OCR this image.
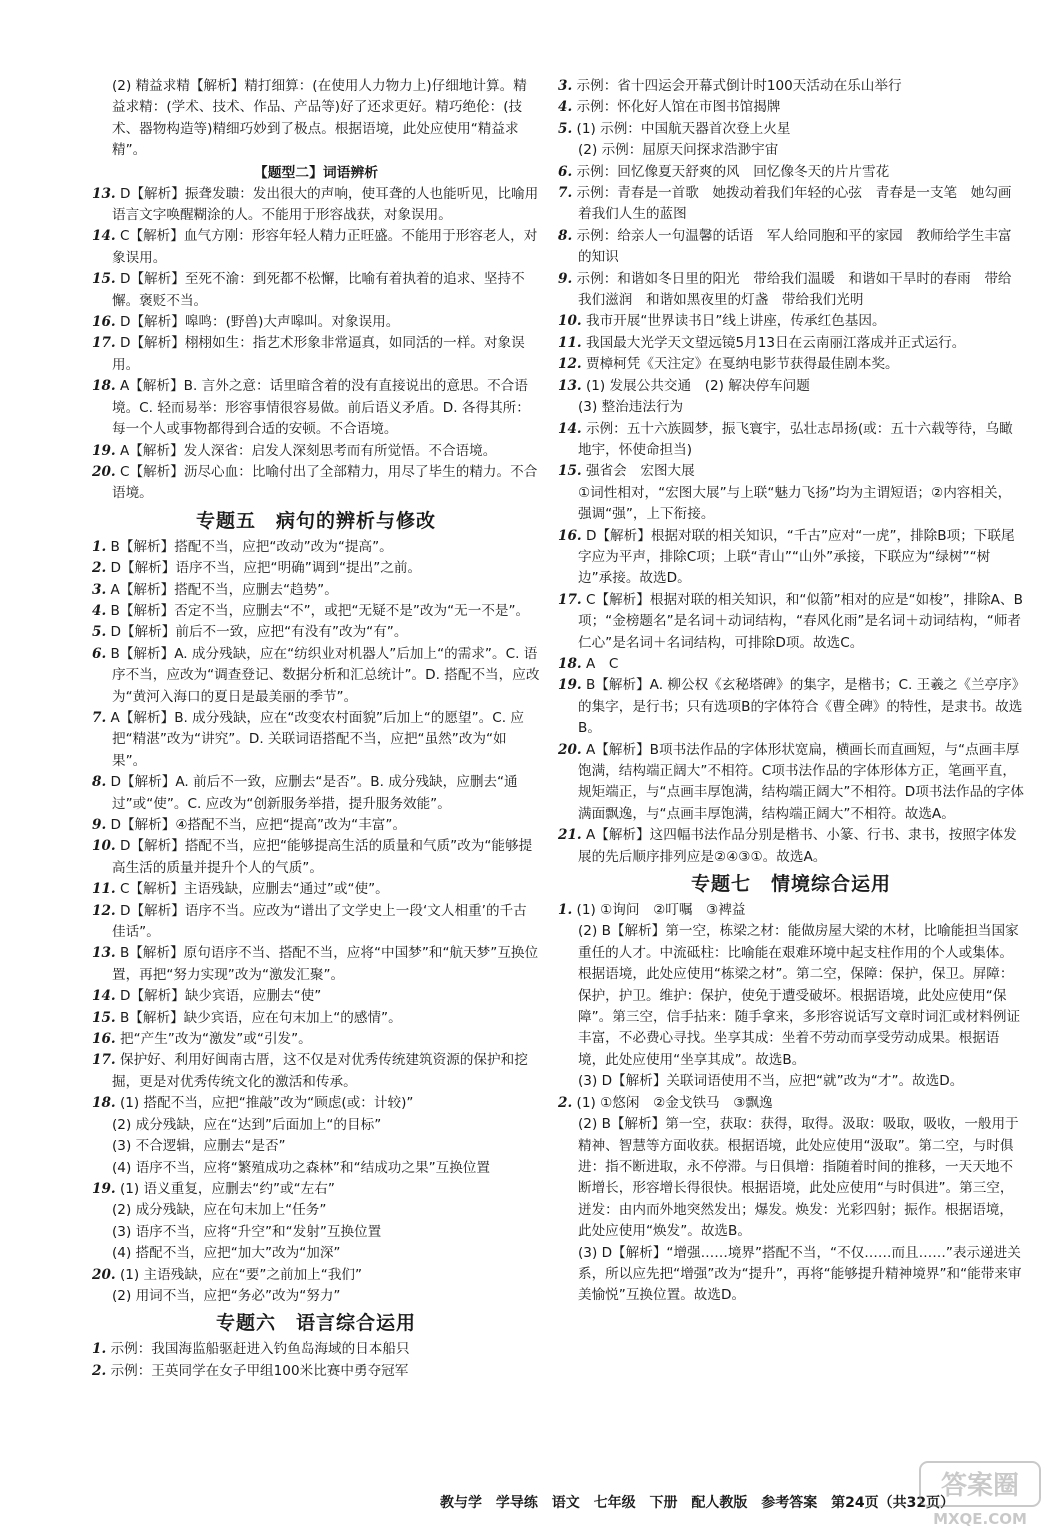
(2) 精益求精【解析】精打细算：(在使用人力物力上)仔细地计算。精益求精：(学术、技术、作品、产品等)好了还求更好。精巧绝伦：(技术、器物构造等)精细巧妙到了极点。根据语境，此处应使用“精益求精”。
【题型二】词语辨析
13. D【解析】振聋发聩：发出很大的声响，使耳聋的人也能听见，比喻用语言文字唤醒糊涂的人。不能用于形容战获，对象误用。
14. C【解析】血气方刚：形容年轻人精力正旺盛。不能用于形容老人，对象误用。
15. D【解析】至死不渝：到死都不松懈，比喻有着执着的追求、坚持不懈。褒贬不当。
16. D【解析】嗥鸣：(野兽)大声嗥叫。对象误用。
17. D【解析】栩栩如生：指艺术形象非常逼真，如同活的一样。对象误用。
18. A【解析】B. 言外之意：话里暗含着的没有直接说出的意思。不合语境。C. 轻而易举：形容事情很容易做。前后语义矛盾。D. 各得其所：每一个人或事物都得到合适的安顿。不合语境。
19. A【解析】发人深省：启发人深刻思考而有所觉悟。不合语境。
20. C【解析】沥尽心血：比喻付出了全部精力，用尽了毕生的精力。不合语境。
专题五　病句的辨析与修改
1. B【解析】搭配不当，应把“改动”改为“提高”。
2. D【解析】语序不当，应把“明确”调到“提出”之前。
3. A【解析】搭配不当，应删去“趋势”。
4. B【解析】否定不当，应删去“不”，或把“无疑不是”改为“无一不是”。
5. D【解析】前后不一致，应把“有没有”改为“有”。
6. B【解析】A. 成分残缺，应在“纺织业对机器人”后加上“的需求”。C. 语序不当，应改为“调查登记、数据分析和汇总统计”。D. 搭配不当，应改为“黄河入海口的夏日是最美丽的季节”。
7. A【解析】B. 成分残缺，应在“改变农村面貌”后加上“的愿望”。C. 应把“精湛”改为“讲究”。D. 关联词语搭配不当，应把“虽然”改为“如果”。
8. D【解析】A. 前后不一致，应删去“是否”。B. 成分残缺，应删去“通过”或“使”。C. 应改为“创新服务举措，提升服务效能”。
9. D【解析】④搭配不当，应把“提高”改为“丰富”。
10. D【解析】搭配不当，应把“能够提高生活的质量和气质”改为“能够提高生活的质量并提升个人的气质”。
11. C【解析】主语残缺，应删去“通过”或“使”。
12. D【解析】语序不当。应改为“谱出了文学史上一段‘文人相重’的千古佳话”。
13. B【解析】原句语序不当、搭配不当，应将“中国梦”和“航天梦”互换位置，再把“努力实现”改为“激发汇聚”。
14. D【解析】缺少宾语，应删去“使”
15. B【解析】缺少宾语，应在句末加上“的感情”。
16. 把“产生”改为“激发”或“引发”。
17. 保护好、利用好闽南古厝，这不仅是对优秀传统建筑资源的保护和挖掘，更是对优秀传统文化的激活和传承。
18. (1) 搭配不当，应把“推敲”改为“顾虑(或：计较)”
(2) 成分残缺，应在“达到”后面加上“的目标”
(3) 不合逻辑，应删去“是否”
(4) 语序不当，应将“繁殖成功之森林”和“结成功之果”互换位置
19. (1) 语义重复，应删去“约”或“左右”
(2) 成分残缺，应在句末加上“任务”
(3) 语序不当，应将“升空”和“发射”互换位置
(4) 搭配不当，应把“加大”改为“加深”
20. (1) 主语残缺，应在“要”之前加上“我们”
(2) 用词不当，应把“务必”改为“努力”
专题六　语言综合运用
1. 示例：我国海监船驱赶进入钓鱼岛海域的日本船只
2. 示例：王英同学在女子甲组100米比赛中勇夺冠军
3. 示例：省十四运会开幕式倒计时100天活动在乐山举行
4. 示例：怀化好人馆在市图书馆揭牌
5. (1) 示例：中国航天器首次登上火星
(2) 示例：屈原天问探求浩渺宇宙
6. 示例：回忆像夏天舒爽的风　回忆像冬天的片片雪花
7. 示例：青春是一首歌　她拨动着我们年轻的心弦　青春是一支笔　她勾画着我们人生的蓝图
8. 示例：给亲人一句温馨的话语　军人给同胞和平的家园　教师给学生丰富的知识
9. 示例：和谐如冬日里的阳光　带给我们温暖　和谐如干旱时的春雨　带给我们滋润　和谐如黑夜里的灯盏　带给我们光明
10. 我市开展“世界读书日”线上讲座，传承红色基因。
11. 我国最大光学天文望远镜5月13日在云南丽江落成并正式运行。
12. 贾樟柯凭《天注定》在戛纳电影节获得最佳剧本奖。
13. (1) 发展公共交通　(2) 解决停车问题
(3) 整治违法行为
14. 示例：五十六族圆梦，振飞寰宇，弘壮志昂扬(或：五十六载等待，乌瞰地宇，怀使命担当)
15. 强省会　宏图大展
①词性相对，“宏图大展”与上联“魅力飞扬”均为主谓短语；②内容相关，强调“强”，上下衔接。
16. D【解析】根据对联的相关知识，“千古”应对“一虎”，排除B项；下联尾字应为平声，排除C项；上联“青山”“山外”承接，下联应为“绿树”“树边”承接。故选D。
17. C【解析】根据对联的相关知识，和“似箭”相对的应是“如梭”，排除A、B项；“金榜题名”是名词＋动词结构，“春风化雨”是名词＋动词结构，“师者仁心”是名词＋名词结构，可排除D项。故选C。
18. A　C
19. B【解析】A. 柳公权《玄秘塔碑》的集字，是楷书；C. 王羲之《兰亭序》的集字，是行书；只有选项B的字体符合《曹全碑》的特性，是隶书。故选B。
20. A【解析】B项书法作品的字体形状宽扁，横画长而直画短，与“点画丰厚饱满，结构端正阔大”不相符。C项书法作品的字体形体方正，笔画平直，规矩端正，与“点画丰厚饱满，结构端正阔大”不相符。D项书法作品的字体满面飘逸，与“点画丰厚饱满，结构端正阔大”不相符。故选A。
21. A【解析】这四幅书法作品分别是楷书、小篆、行书、隶书，按照字体发展的先后顺序排列应是②④③①。故选A。
专题七　情境综合运用
1. (1) ①询问　②叮嘱　③裨益
(2) B【解析】第一空，栋梁之材：能做房屋大梁的木材，比喻能担当国家重任的人才。中流砥柱：比喻能在艰难环境中起支柱作用的个人或集体。根据语境，此处应使用“栋梁之材”。第二空，保障：保护，保卫。屏障：保护，护卫。维护：保护，使免于遭受破坏。根据语境，此处应使用“保障”。第三空，信手拈来：随手拿来，多形容说话写文章时词汇或材料例证丰富，不必费心寻找。坐享其成：坐着不劳动而享受劳动成果。根据语境，此处应使用“坐享其成”。故选B。
(3) D【解析】关联词语使用不当，应把“就”改为“才”。故选D。
2. (1) ①悠闲　②金戈铁马　③飘逸
(2) B【解析】第一空，获取：获得，取得。汲取：吸取，吸收，一般用于精神、智慧等方面收获。根据语境，此处应使用“汲取”。第二空，与时俱进：指不断进取，永不停滞。与日俱增：指随着时间的推移，一天天地不断增长，形容增长得很快。根据语境，此处应使用“与时俱进”。第三空，迸发：由内而外地突然发出；爆发。焕发：光彩四射；振作。根据语境，此处应使用“焕发”。故选B。
(3) D【解析】“增强……境界”搭配不当，“不仅……而且……”表示递进关系，所以应先把“增强”改为“提升”，再将“能够提升精神境界”和“能带来审美愉悦”互换位置。故选D。
教与学 学导练 语文 七年级 下册 配人教版 参考答案 第24页（共32页）
答案圈
MXQE.COM
